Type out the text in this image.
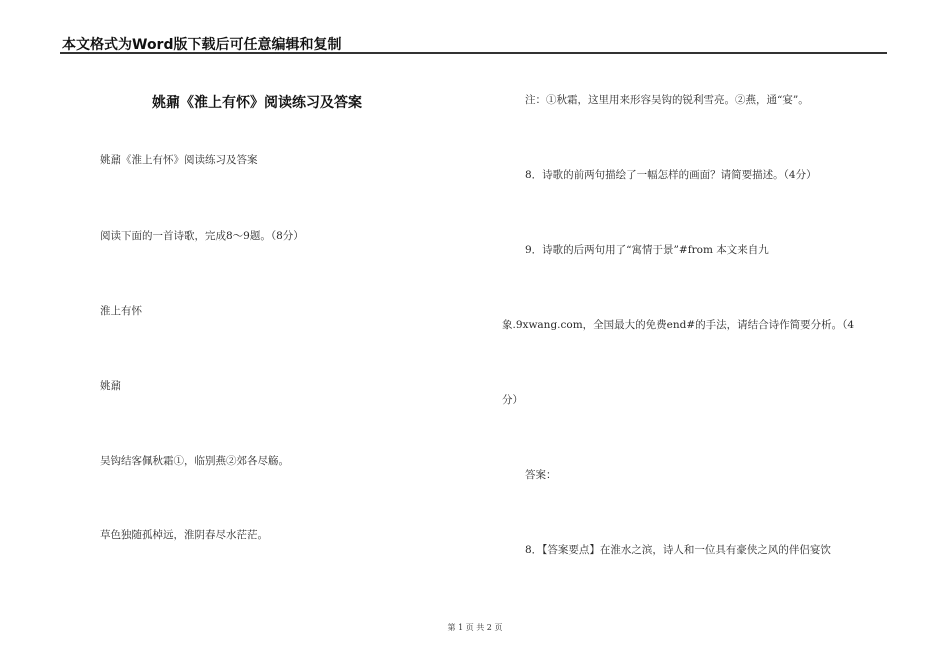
本文格式为Word版下载后可任意编辑和复制
姚鼐《淮上有怀》阅读练习及答案
姚鼐《淮上有怀》阅读练习及答案
阅读下面的一首诗歌，完成8～9题。（8分）
淮上有怀
姚鼐
吴钩结客佩秋霜①，临别燕②郊各尽觞。
草色独随孤棹远，淮阴春尽水茫茫。
注：①秋霜，这里用来形容吴钩的锐利雪亮。②燕，通“宴”。
8．诗歌的前两句描绘了一幅怎样的画面？请简要描述。（4分）
9．诗歌的后两句用了“寓情于景”#from 本文来自九
象.9xwang.com，全国最大的免费end#的手法，请结合诗作简要分析。（4
分）
答案：
8．【答案要点】在淮水之滨，诗人和一位具有豪侠之风的伴侣宴饮
第 1 页 共 2 页
